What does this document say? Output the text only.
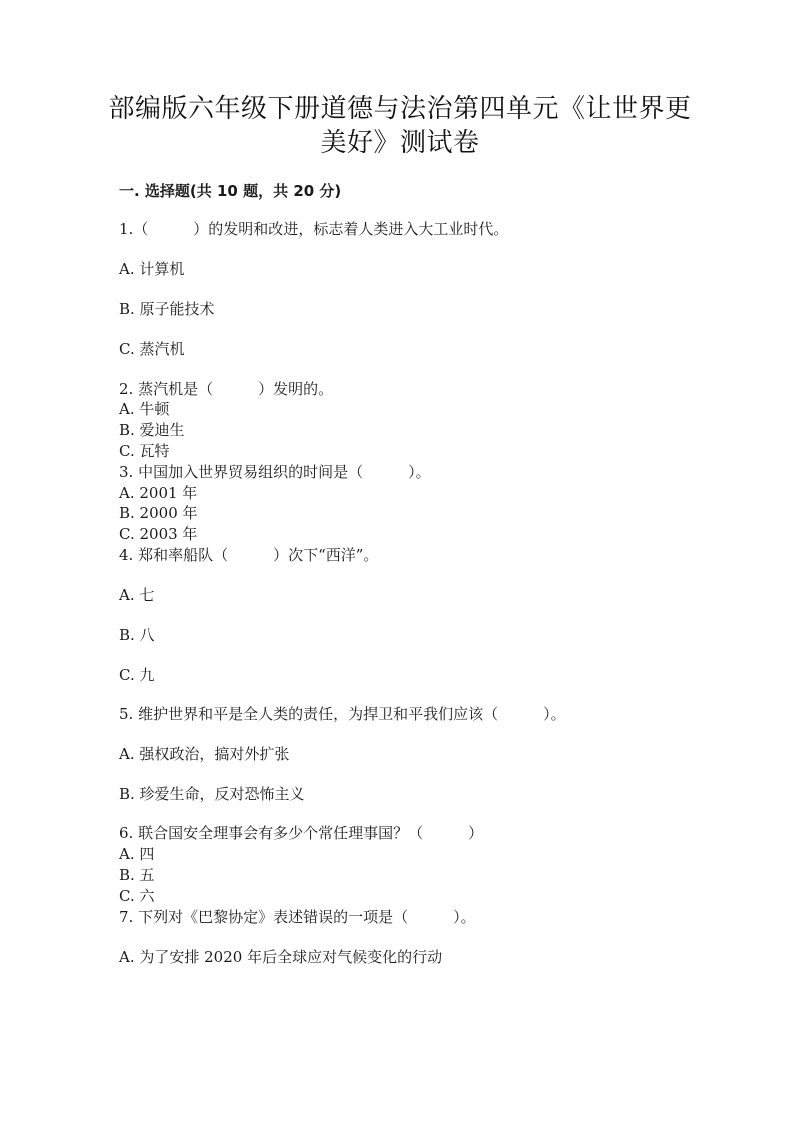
部编版六年级下册道德与法治第四单元《让世界更
美好》测试卷
一. 选择题(共 10 题，共 20 分)
1.（　　　）的发明和改进，标志着人类进入大工业时代。
A. 计算机
B. 原子能技术
C. 蒸汽机
2. 蒸汽机是（　　　）发明的。
A. 牛顿
B. 爱迪生
C. 瓦特
3. 中国加入世界贸易组织的时间是（　　　）。
A. 2001 年
B. 2000 年
C. 2003 年
4. 郑和率船队（　　　）次下“西洋”。
A. 七
B. 八
C. 九
5. 维护世界和平是全人类的责任，为捍卫和平我们应该（　　　）。
A. 强权政治，搞对外扩张
B. 珍爱生命，反对恐怖主义
6. 联合国安全理事会有多少个常任理事国？（　　　）
A. 四
B. 五
C. 六
7. 下列对《巴黎协定》表述错误的一项是（　　　）。
A. 为了安排 2020 年后全球应对气候变化的行动
